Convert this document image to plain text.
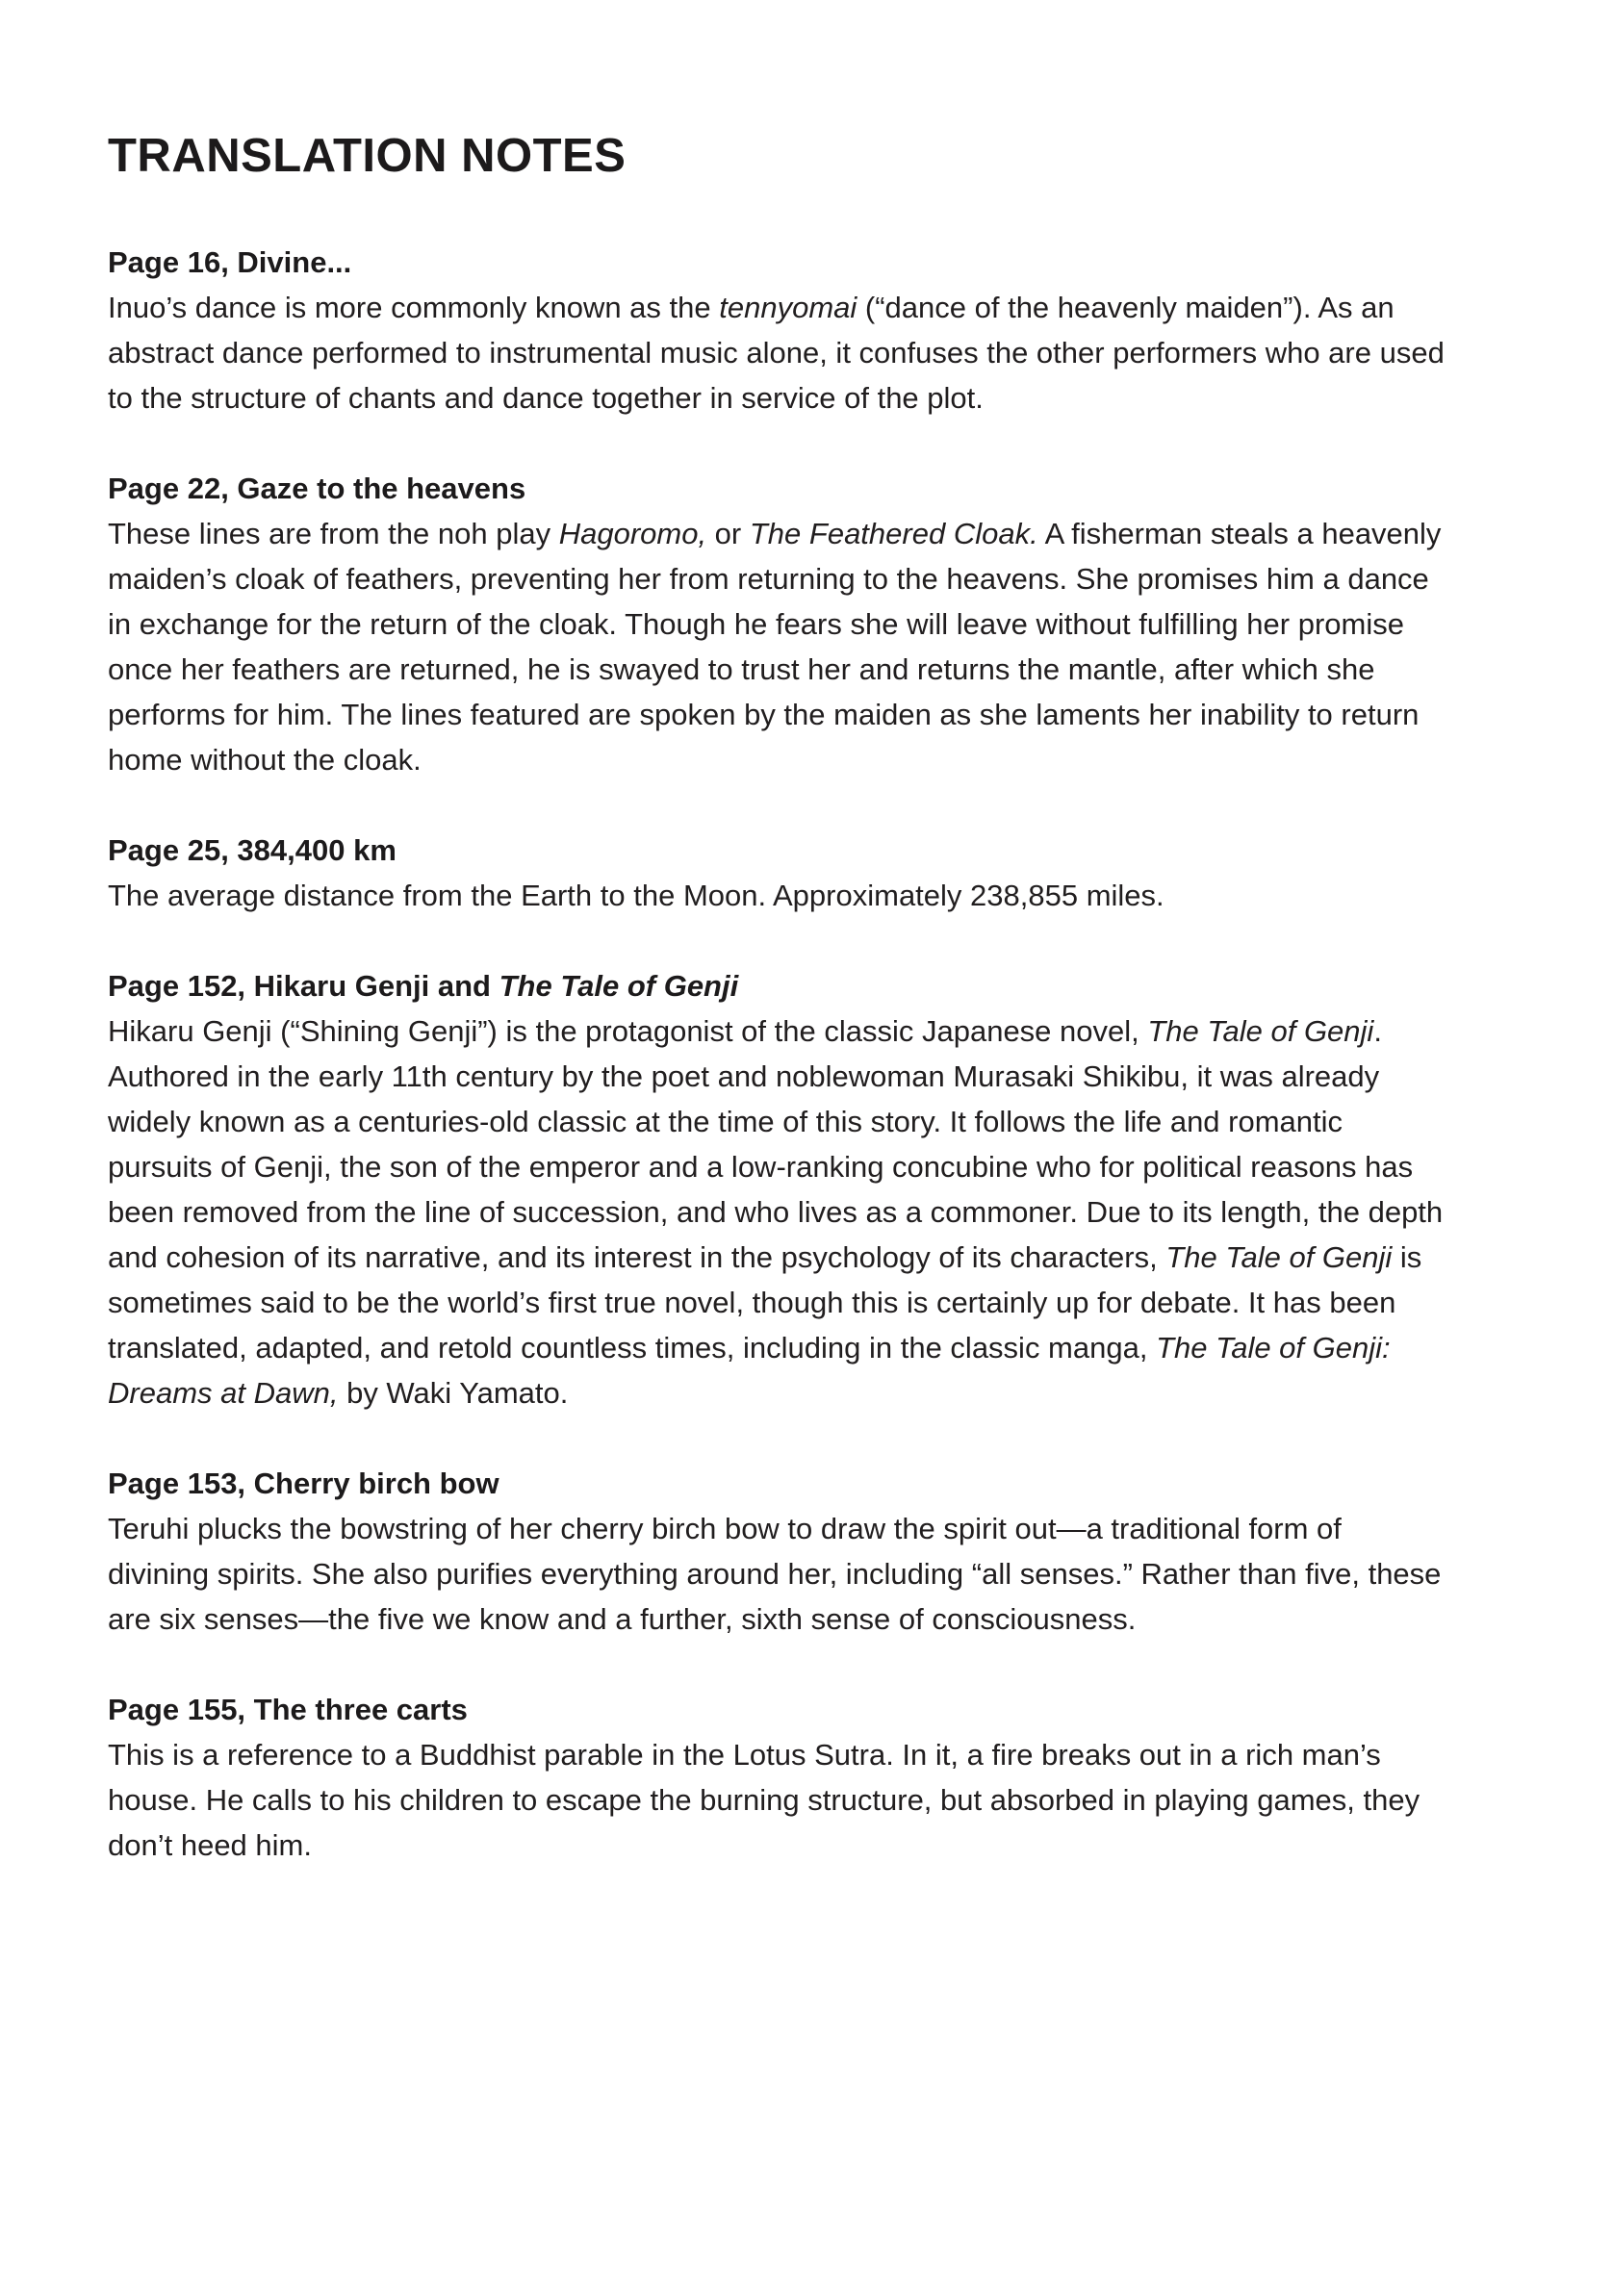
TRANSLATION NOTES
Page 16, Divine...

Inuo’s dance is more commonly known as the tennyomai (“dance of the heavenly maiden”). As an abstract dance performed to instrumental music alone, it confuses the other performers who are used to the structure of chants and dance together in service of the plot.

Page 22, Gaze to the heavens

These lines are from the noh play Hagoromo, or The Feathered Cloak. A fisherman steals a heavenly maiden’s cloak of feathers, preventing her from returning to the heavens. She promises him a dance in exchange for the return of the cloak. Though he fears she will leave without fulfilling her promise once her feathers are returned, he is swayed to trust her and returns the mantle, after which she performs for him. The lines featured are spoken by the maiden as she laments her inability to return home without the cloak.

Page 25, 384,400 km

The average distance from the Earth to the Moon. Approximately 238,855 miles.

Page 152, Hikaru Genji and The Tale of Genji

Hikaru Genji (“Shining Genji”) is the protagonist of the classic Japanese novel, The Tale of Genji. Authored in the early 11th century by the poet and noblewoman Murasaki Shikibu, it was already widely known as a centuries-old classic at the time of this story. It follows the life and romantic pursuits of Genji, the son of the emperor and a low-ranking concubine who for political reasons has been removed from the line of succession, and who lives as a commoner. Due to its length, the depth and cohesion of its narrative, and its interest in the psychology of its characters, The Tale of Genji is sometimes said to be the world’s first true novel, though this is certainly up for debate. It has been translated, adapted, and retold countless times, including in the classic manga, The Tale of Genji: Dreams at Dawn, by Waki Yamato.

Page 153, Cherry birch bow

Teruhi plucks the bowstring of her cherry birch bow to draw the spirit out—a traditional form of divining spirits. She also purifies everything around her, including “all senses.” Rather than five, these are six senses—the five we know and a further, sixth sense of consciousness.

Page 155, The three carts

This is a reference to a Buddhist parable in the Lotus Sutra. In it, a fire breaks out in a rich man’s house. He calls to his children to escape the burning structure, but absorbed in playing games, they don’t heed him.
